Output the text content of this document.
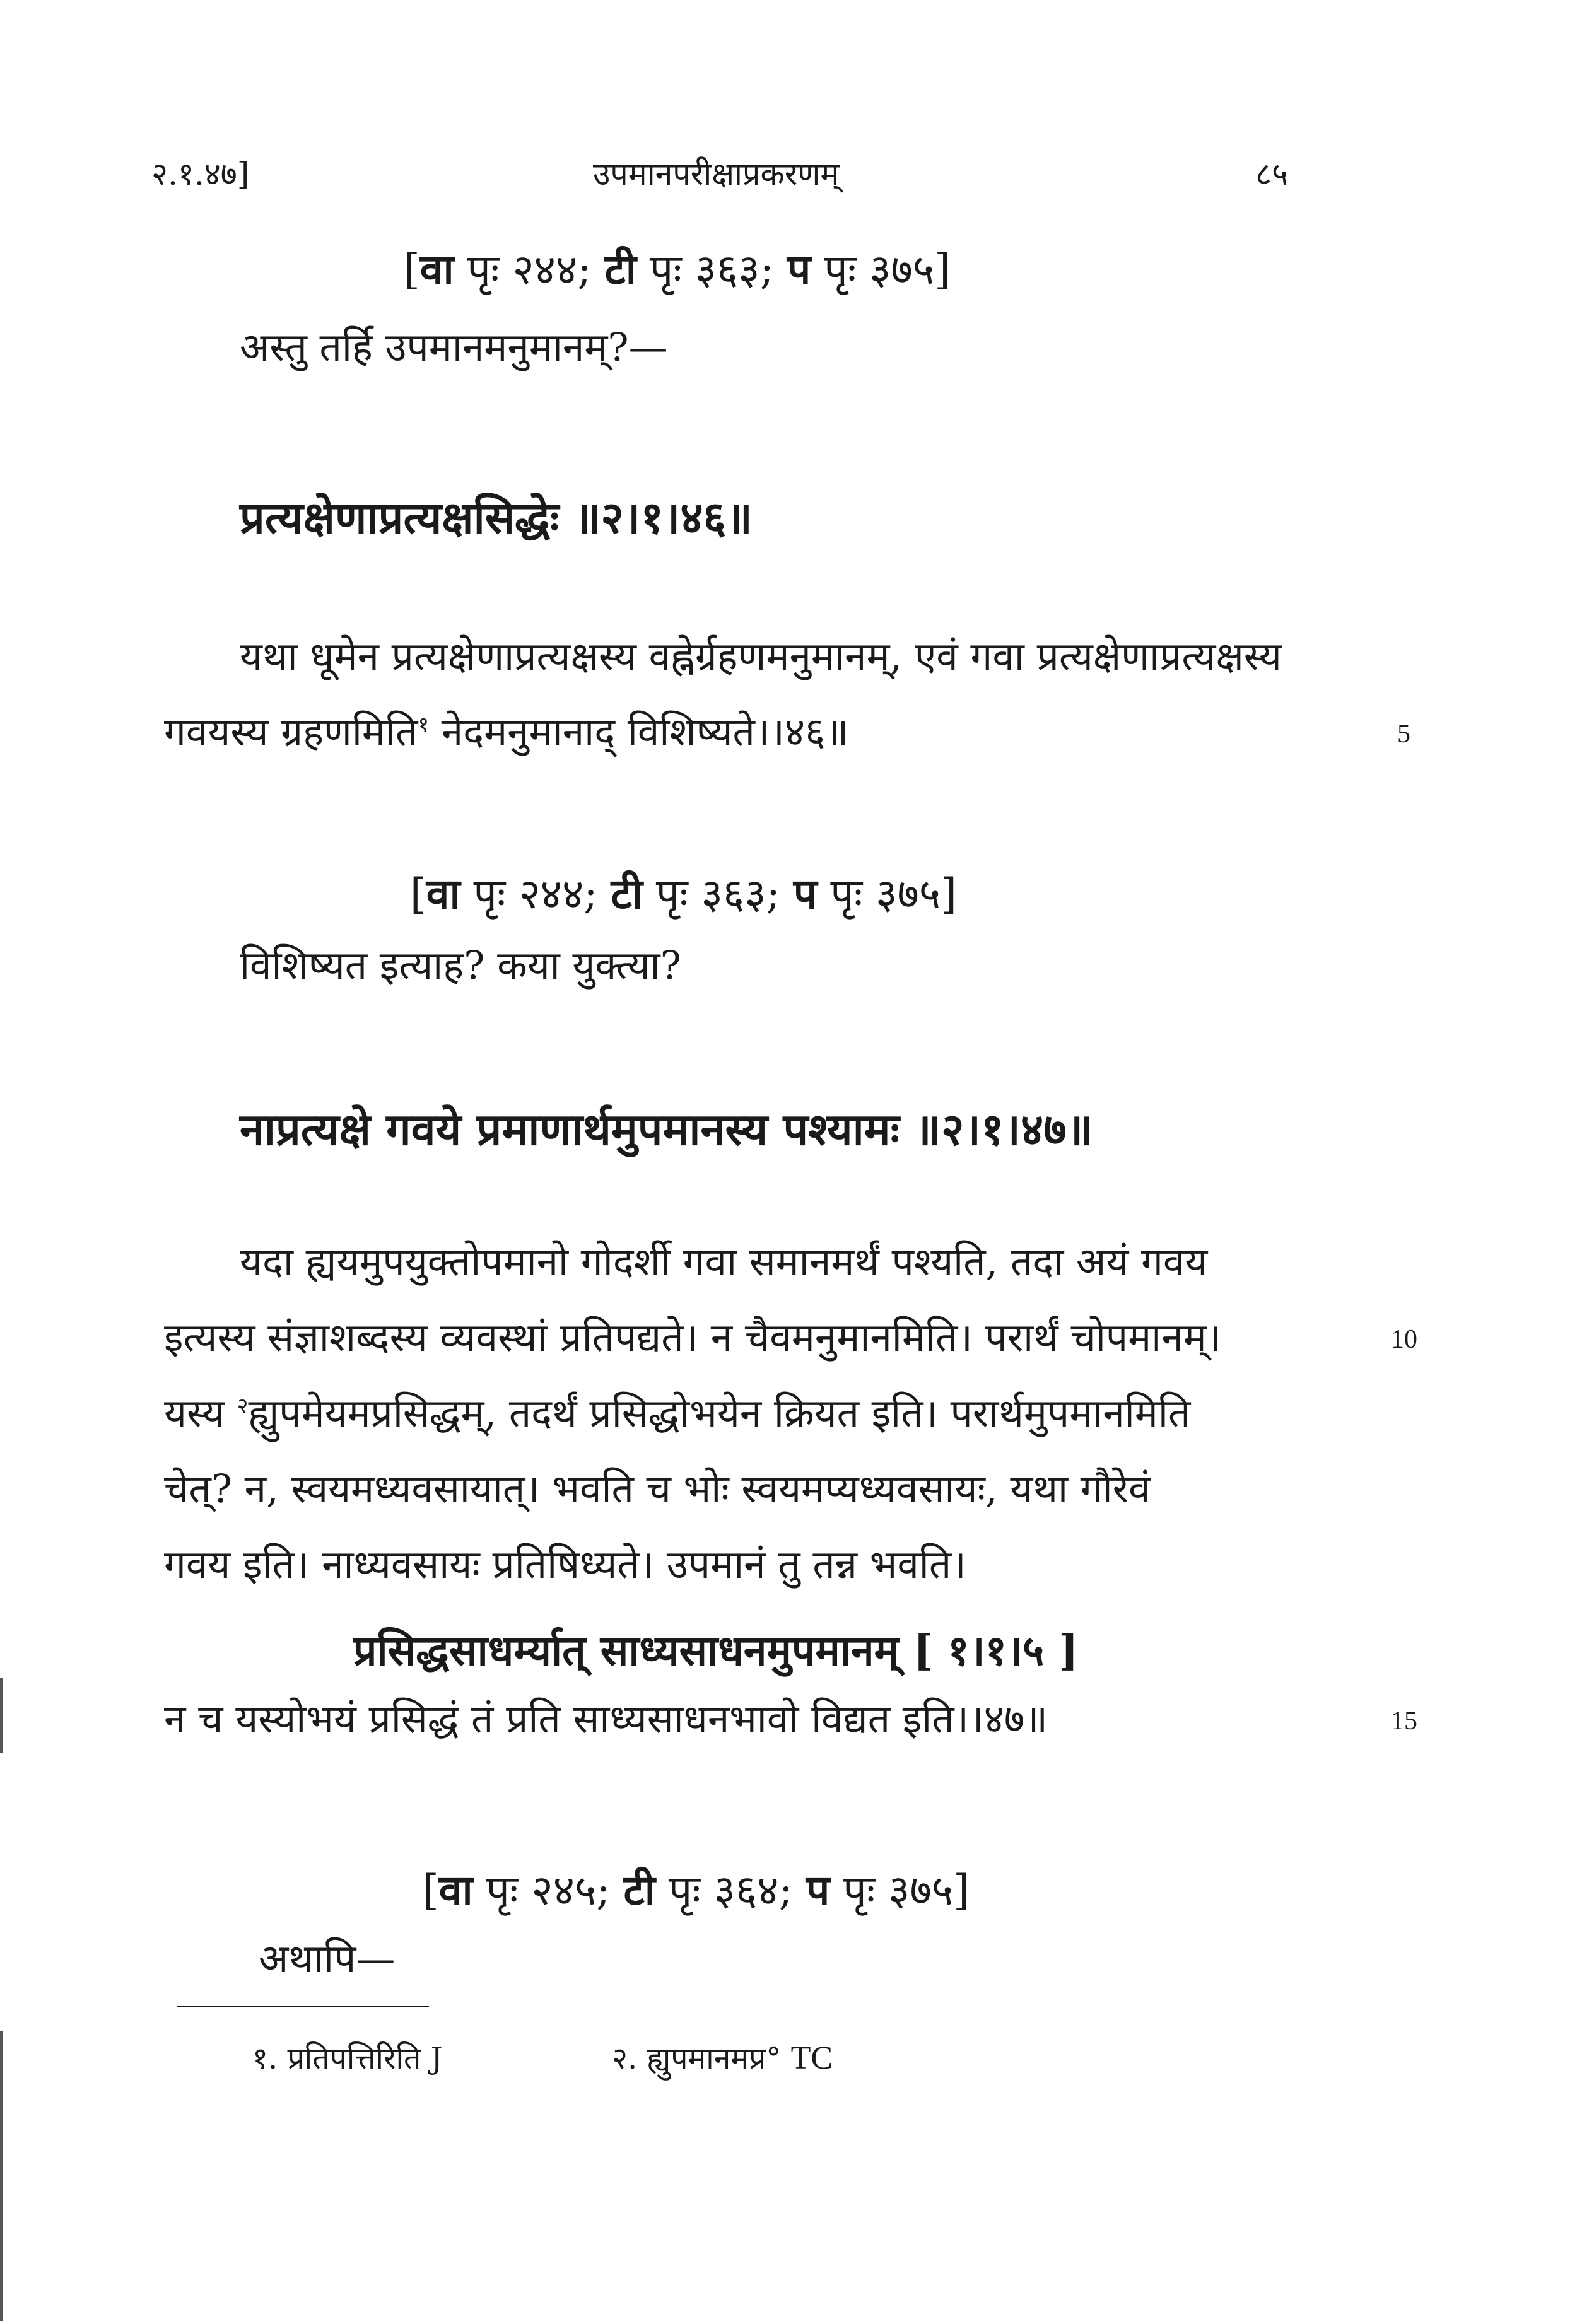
२.१.४७]	उपमानपरीक्षाप्रकरणम्	८५
[वा पृः २४४; टी पृः ३६३; प पृः ३७५]
अस्तु तर्हि उपमानमनुमानम्?—
प्रत्यक्षेणाप्रत्यक्षसिद्धेः ॥२।१।४६॥
यथा धूमेन प्रत्यक्षेणाप्रत्यक्षस्य वह्नेर्ग्रहणमनुमानम्, एवं गवा प्रत्यक्षेणाप्रत्यक्षस्य
गवयस्य ग्रहणमिति$^१$ नेदमनुमानाद् विशिष्यते।।४६॥	5
[वा पृः २४४; टी पृः ३६३; प पृः ३७५]
विशिष्यत इत्याह? कया युक्त्या?
नाप्रत्यक्षे गवये प्रमाणार्थमुपमानस्य पश्यामः ॥२।१।४७॥
यदा ह्ययमुपयुक्तोपमानो गोदर्शी गवा समानमर्थं पश्यति, तदा अयं गवय
इत्यस्य संज्ञाशब्दस्य व्यवस्थां प्रतिपद्यते। न चैवमनुमानमिति। परार्थं चोपमानम्।	10
यस्य $^२$ह्युपमेयमप्रसिद्धम्, तदर्थं प्रसिद्धोभयेन क्रियत इति। परार्थमुपमानमिति
चेत्? न, स्वयमध्यवसायात्। भवति च भोः स्वयमप्यध्यवसायः, यथा गौरेवं
गवय इति। नाध्यवसायः प्रतिषिध्यते। उपमानं तु तन्न भवति।
प्रसिद्धसाधर्म्यात् साध्यसाधनमुपमानम् [ १।१।५ ]
न च यस्योभयं प्रसिद्धं तं प्रति साध्यसाधनभावो विद्यत इति।।४७॥	15
[वा पृः २४५; टी पृः ३६४; प पृः ३७५]
अथापि—
१. प्रतिपत्तिरिति J	२. ह्युपमानमप्र° TC
